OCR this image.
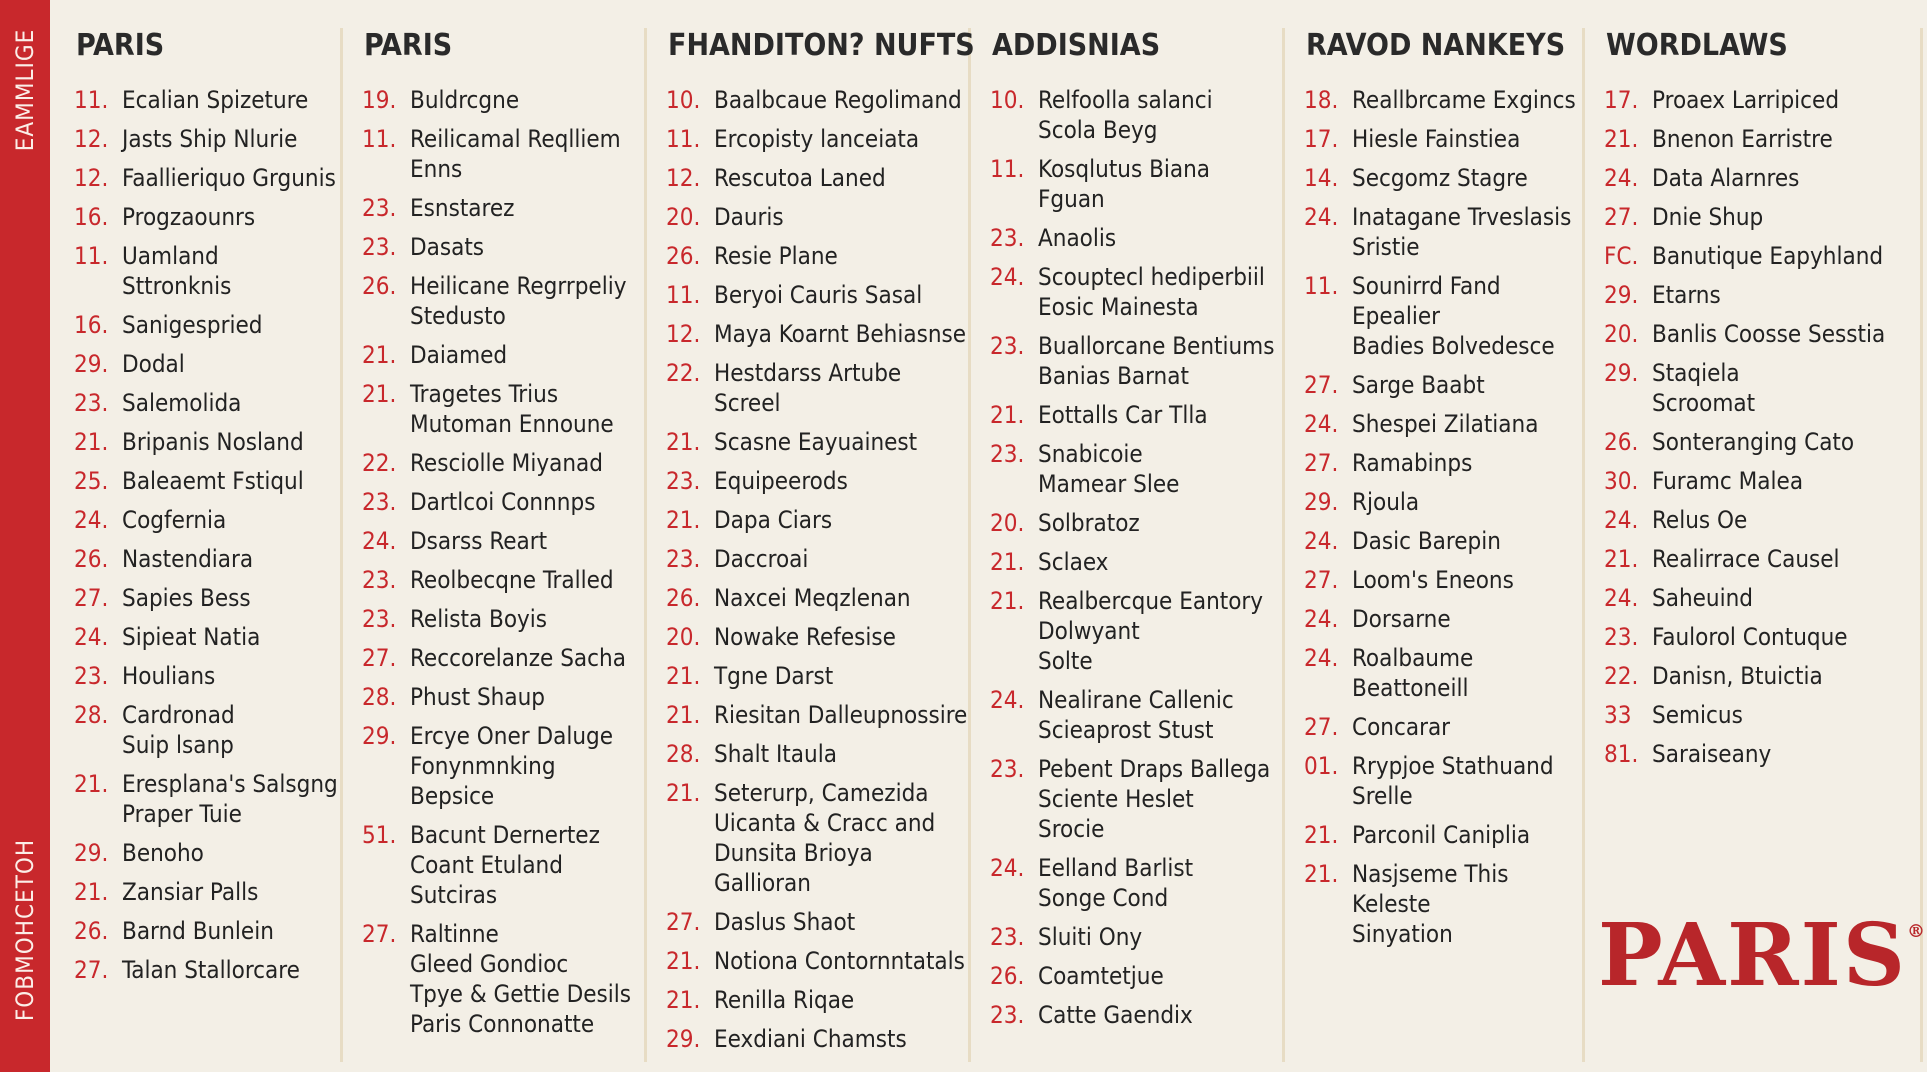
EAMMLIGE
FOBMOHCETOH
PARIS
11. Ecalian Spizeture
12. Jasts Ship Nlurie
12. Faallieriquo Grgunis
16. Progzaounrs
11. Uamland
Sttronknis
16. Sanigespried
29. Dodal
23. Salemolida
21. Bripanis Nosland
25. Baleaemt Fstiqul
24. Cogfernia
26. Nastendiara
27. Sapies Bess
24. Sipieat Natia
23. Houlians
28. Cardronad
Suip lsanp
21. Eresplana's Salsgng
Praper Tuie
29. Benoho
21. Zansiar Palls
26. Barnd Bunlein
27. Talan Stallorcare
PARIS
19. Buldrcgne
11. Reilicamal Reqlliem
Enns
23. Esnstarez
23. Dasats
26. Heilicane Regrrpeliy
Stedusto
21. Daiamed
21. Tragetes Trius
Mutoman Ennoune
22. Resciolle Miyanad
23. Dartlcoi Connnps
24. Dsarss Reart
23. Reolbecqne Tralled
23. Relista Boyis
27. Reccorelanze Sacha
28. Phust Shaup
29. Ercye Oner Daluge
Fonynmnking
Bepsice
51. Bacunt Dernertez
Coant Etuland
Sutciras
27. Raltinne
Gleed Gondioc
Tpye & Gettie Desils
Paris Connonatte
FHANDITON? NUFTS
10. Baalbcaue Regolimand
11. Ercopisty lanceiata
12. Rescutoa Laned
20. Dauris
26. Resie Plane
11. Beryoi Cauris Sasal
12. Maya Koarnt Behiasnse
22. Hestdarss Artube Screel
21. Scasne Eayuainest
23. Equipeerods
21. Dapa Ciars
23. Daccroai
26. Naxcei Meqzlenan
20. Nowake Refesise
21. Tgne Darst
21. Riesitan Dalleupnossire
28. Shalt Itaula
21. Seterurp, Camezida
Uicanta & Cracc and
Dunsita Brioya
Gallioran
27. Daslus Shaot
21. Notiona Contornntatals
21. Renilla Riqae
29. Eexdiani Chamsts
ADDISNIAS
10. Relfoolla salanci
Scola Beyg
11. Kosqlutus Biana Fguan
23. Anaolis
24. Scouptecl hediperbiil
Eosic Mainesta
23. Buallorcane Bentiums
Banias Barnat
21. Eottalls Car Tlla
23. Snabicoie
Mamear Slee
20. Solbratoz
21. Sclaex
21. Realbercque Eantory
Dolwyant
Solte
24. Nealirane Callenic
Scieaprost Stust
23. Pebent Draps Ballega
Sciente Heslet
Srocie
24. Eelland Barlist
Songe Cond
23. Sluiti Ony
26. Coamtetjue
23. Catte Gaendix
RAVOD NANKEYS
18. Reallbrcame Exgincs
17. Hiesle Fainstiea
14. Secgomz Stagre
24. Inatagane Trveslasis
Sristie
11. Sounirrd Fand Epealier
Badies Bolvedesce
27. Sarge Baabt
24. Shespei Zilatiana
27. Ramabinps
29. Rjoula
24. Dasic Barepin
27. Loom's Eneons
24. Dorsarne
24. Roalbaume Beattoneill
27. Concarar
01. Rrypjoe Stathuand
Srelle
21. Parconil Caniplia
21. Nasjseme This Keleste
Sinyation
WORDLAWS
17. Proaex Larripiced
21. Bnenon Earristre
24. Data Alarnres
27. Dnie Shup
FC. Banutique Eapyhland
29. Etarns
20. Banlis Coosse Sesstia
29. Staqiela
Scroomat
26. Sonteranging Cato
30. Furamc Malea
24. Relus Oe
21. Realirrace Causel
24. Saheuind
23. Faulorol Contuque
22. Danisn, Btuictia
33 Semicus
81. Saraiseany
PARIS®
